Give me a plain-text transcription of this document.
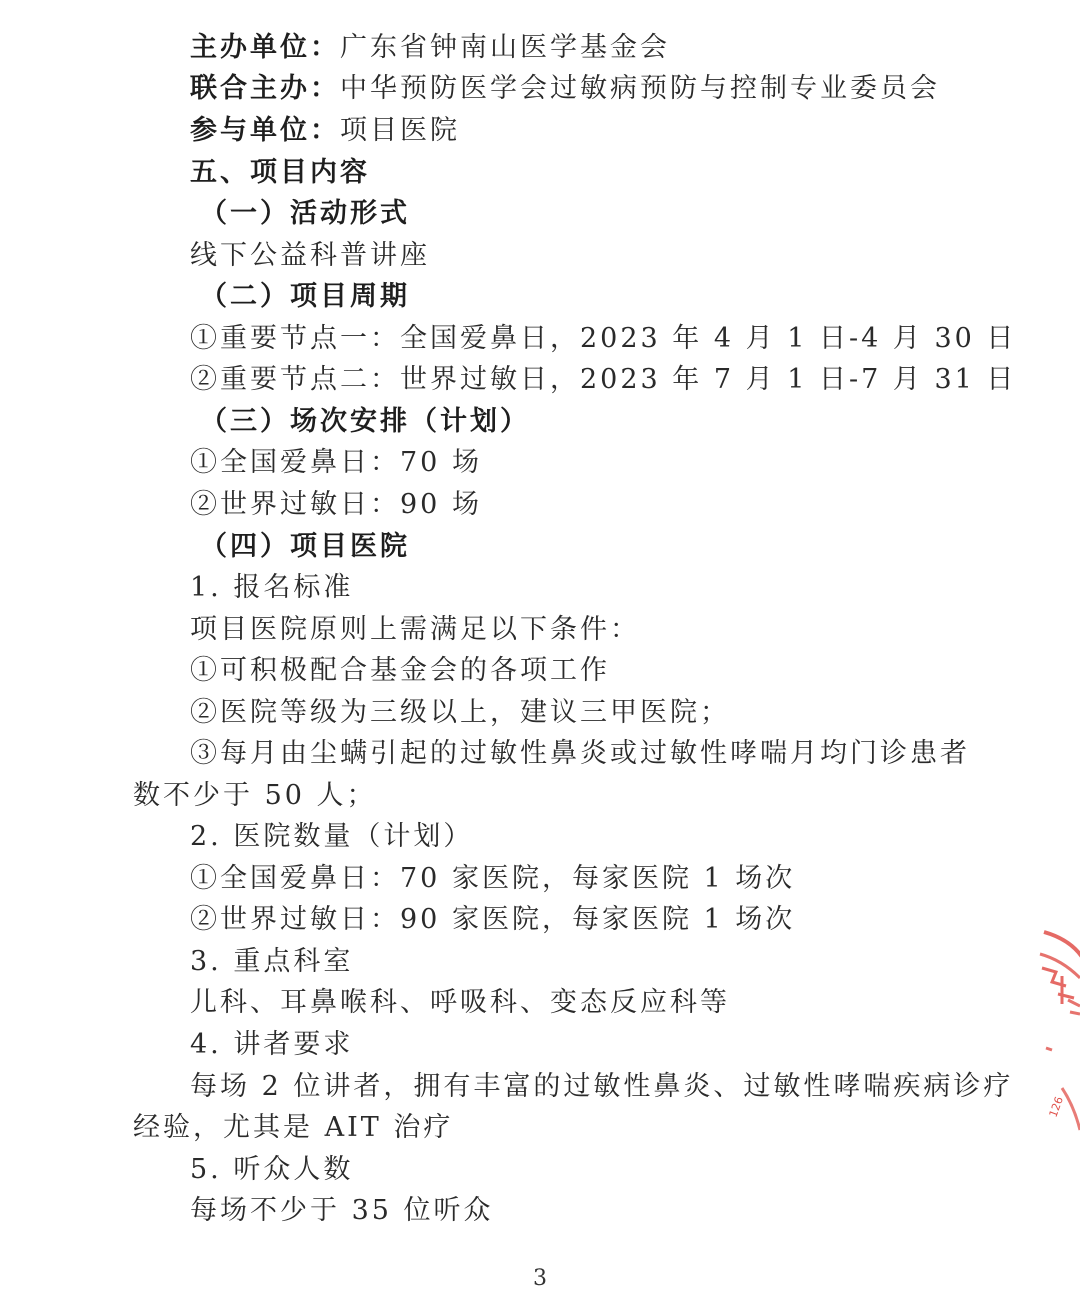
主办单位：广东省钟南山医学基金会
联合主办：中华预防医学会过敏病预防与控制专业委员会
参与单位：项目医院
五、项目内容
（一）活动形式
线下公益科普讲座
（二）项目周期
①重要节点一：全国爱鼻日，2023 年 4 月 1 日-4 月 30 日
②重要节点二：世界过敏日，2023 年 7 月 1 日-7 月 31 日
（三）场次安排（计划）
①全国爱鼻日：70 场
②世界过敏日：90 场
（四）项目医院
1. 报名标准
项目医院原则上需满足以下条件：
①可积极配合基金会的各项工作
②医院等级为三级以上，建议三甲医院；
③每月由尘螨引起的过敏性鼻炎或过敏性哮喘月均门诊患者
数不少于 50 人；
2. 医院数量（计划）
①全国爱鼻日：70 家医院，每家医院 1 场次
②世界过敏日：90 家医院，每家医院 1 场次
3. 重点科室
儿科、耳鼻喉科、呼吸科、变态反应科等
4. 讲者要求
每场 2 位讲者，拥有丰富的过敏性鼻炎、过敏性哮喘疾病诊疗
经验，尤其是 AIT 治疗
5. 听众人数
每场不少于 35 位听众
3
126
